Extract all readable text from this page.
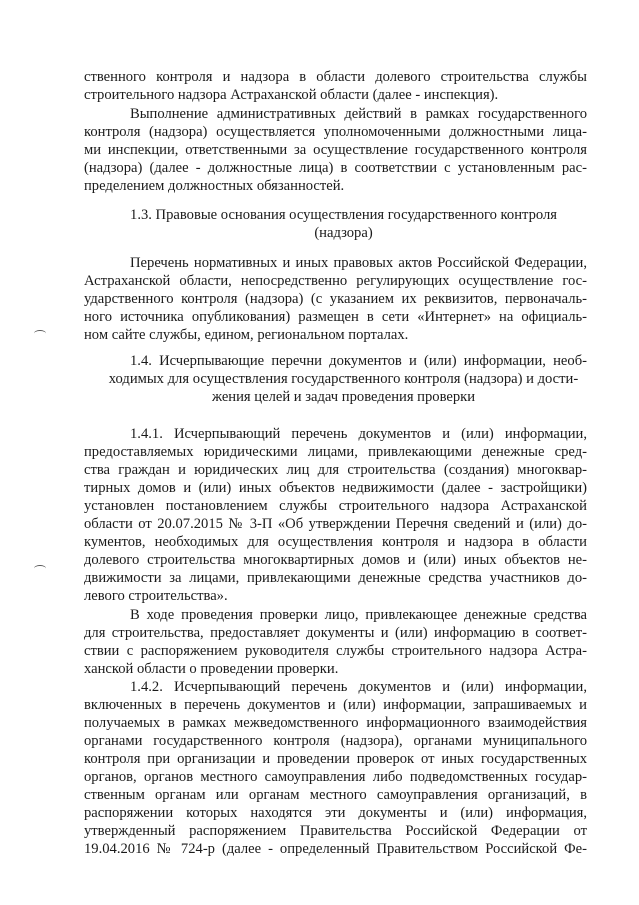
ственного контроля и надзора в области долевого строительства службы
строительного надзора Астраханской области (далее - инспекция).
Выполнение административных действий в рамках государственного
контроля (надзора) осуществляется уполномоченными должностными лица-
ми инспекции, ответственными за осуществление государственного контроля
(надзора) (далее - должностные лица) в соответствии с установленным рас-
пределением должностных обязанностей.
1.3. Правовые основания осуществления государственного контроля
(надзора)
Перечень нормативных и иных правовых актов Российской Федерации,
Астраханской области, непосредственно регулирующих осуществление гос-
ударственного контроля (надзора) (с указанием их реквизитов, первоначаль-
ного источника опубликования) размещен в сети «Интернет» на официаль-
ном сайте службы, едином, региональном порталах.
1.4. Исчерпывающие перечни документов и (или) информации, необ-
ходимых для осуществления государственного контроля (надзора) и дости-
жения целей и задач проведения проверки
1.4.1. Исчерпывающий перечень документов и (или) информации,
предоставляемых юридическими лицами, привлекающими денежные сред-
ства граждан и юридических лиц для строительства (создания) многоквар-
тирных домов и (или) иных объектов недвижимости (далее - застройщики)
установлен постановлением службы строительного надзора Астраханской
области от 20.07.2015 № 3-П «Об утверждении Перечня сведений и (или) до-
кументов, необходимых для осуществления контроля и надзора в области
долевого строительства многоквартирных домов и (или) иных объектов не-
движимости за лицами, привлекающими денежные средства участников до-
левого строительства».
В ходе проведения проверки лицо, привлекающее денежные средства
для строительства, предоставляет документы и (или) информацию в соответ-
ствии с распоряжением руководителя службы строительного надзора Астра-
ханской области о проведении проверки.
1.4.2. Исчерпывающий перечень документов и (или) информации,
включенных в перечень документов и (или) информации, запрашиваемых и
получаемых в рамках межведомственного информационного взаимодействия
органами государственного контроля (надзора), органами муниципального
контроля при организации и проведении проверок от иных государственных
органов, органов местного самоуправления либо подведомственных государ-
ственным органам или органам местного самоуправления организаций, в
распоряжении которых находятся эти документы и (или) информация,
утвержденный распоряжением Правительства Российской Федерации от
19.04.2016 № 724-р (далее - определенный Правительством Российской Фе-
